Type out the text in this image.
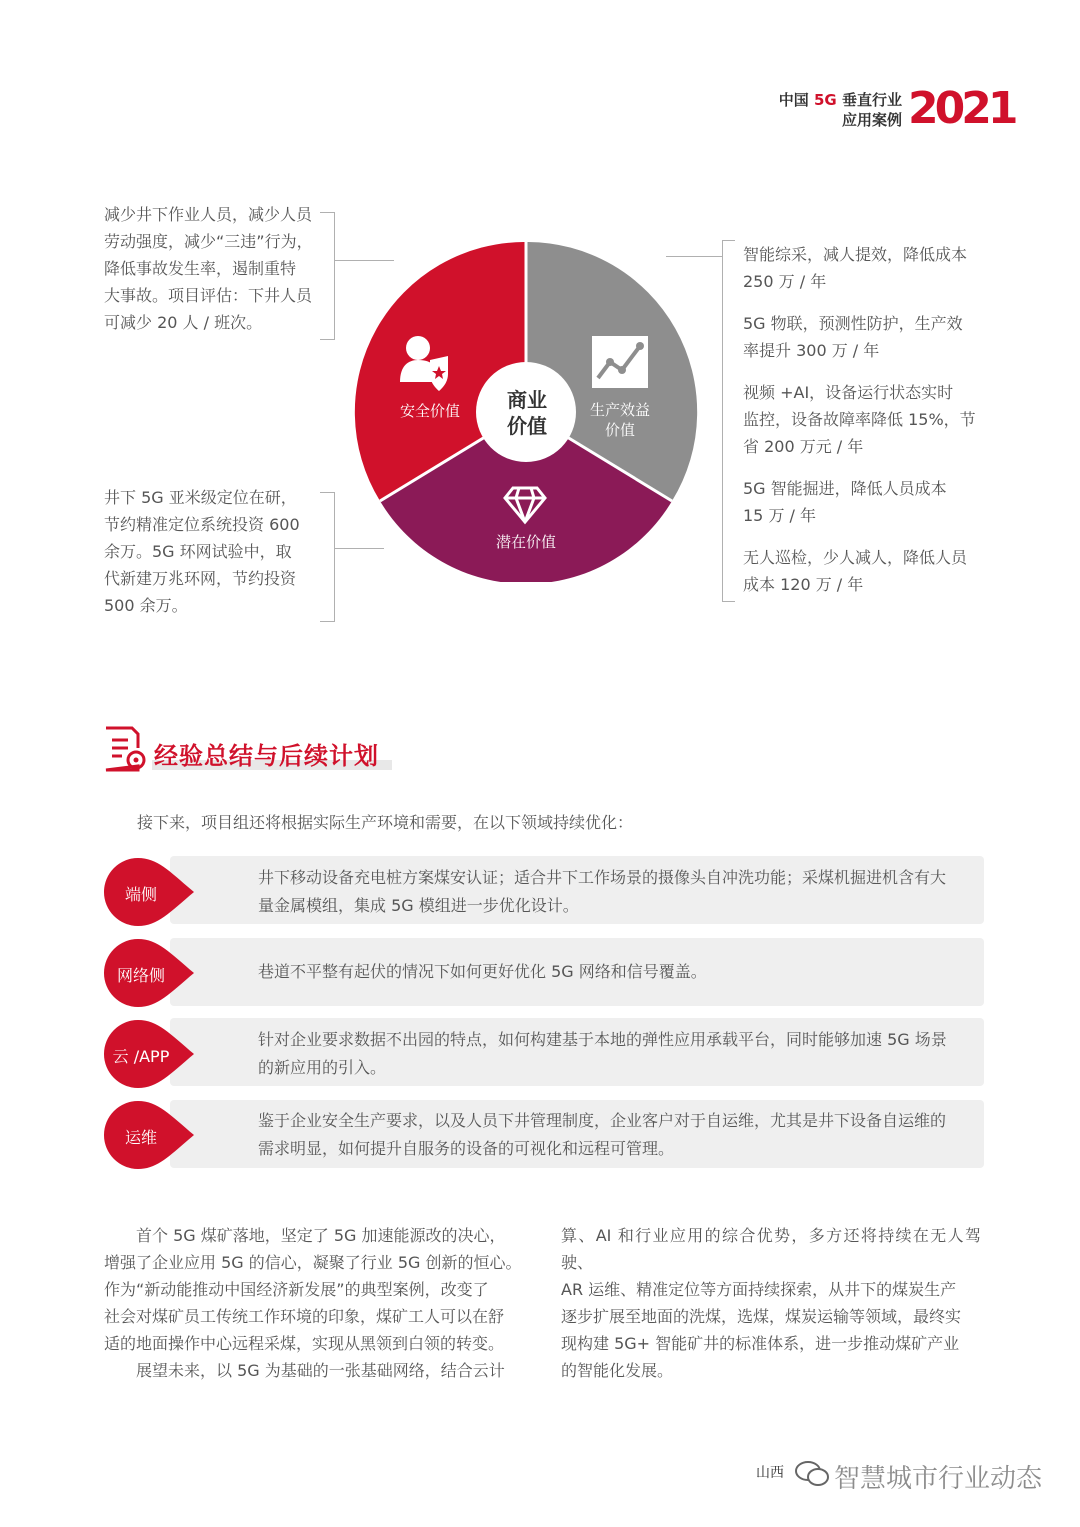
中国 5G 垂直行业
应用案例 2021
减少井下作业人员，减少人员
劳动强度，减少“三违”行为，
降低事故发生率，遏制重特
大事故。项目评估：下井人员
可减少 20 人 / 班次。
井下 5G 亚米级定位在研，
节约精准定位系统投资 600
余万。5G 环网试验中，取
代新建万兆环网，节约投资
500 余万。
商业
价值
安全价值	生产效益
价值
潜在价值
智能综采，减人提效，降低成本
250 万 / 年
5G 物联，预测性防护，生产效
率提升 300 万 / 年
视频 +AI，设备运行状态实时
监控，设备故障率降低 15%，节
省 200 万元 / 年
5G 智能掘进，降低人员成本
15 万 / 年
无人巡检，少人减人，降低人员
成本 120 万 / 年
经验总结与后续计划
接下来，项目组还将根据实际生产环境和需要，在以下领域持续优化：
端侧
网络侧
云 /APP
运维
井下移动设备充电桩方案煤安认证；适合井下工作场景的摄像头自冲洗功能；采煤机掘进机含有大
量金属模组，集成 5G 模组进一步优化设计。
巷道不平整有起伏的情况下如何更好优化 5G 网络和信号覆盖。
针对企业要求数据不出园的特点，如何构建基于本地的弹性应用承载平台，同时能够加速 5G 场景
的新应用的引入。
鉴于企业安全生产要求，以及人员下井管理制度，企业客户对于自运维，尤其是井下设备自运维的
需求明显，如何提升自服务的设备的可视化和远程可管理。
首个 5G 煤矿落地，坚定了 5G 加速能源改的决心，
增强了企业应用 5G 的信心，凝聚了行业 5G 创新的恒心。
作为“新动能推动中国经济新发展”的典型案例，改变了
社会对煤矿员工传统工作环境的印象，煤矿工人可以在舒
适的地面操作中心远程采煤，实现从黑领到白领的转变。
展望未来，以 5G 为基础的一张基础网络，结合云计
算、AI 和行业应用的综合优势，多方还将持续在无人驾驶、
AR 运维、精准定位等方面持续探索，从井下的煤炭生产
逐步扩展至地面的洗煤，选煤，煤炭运输等领域，最终实
现构建 5G+ 智能矿井的标准体系，进一步推动煤矿产业
的智能化发展。
山西 智慧城市行业动态
